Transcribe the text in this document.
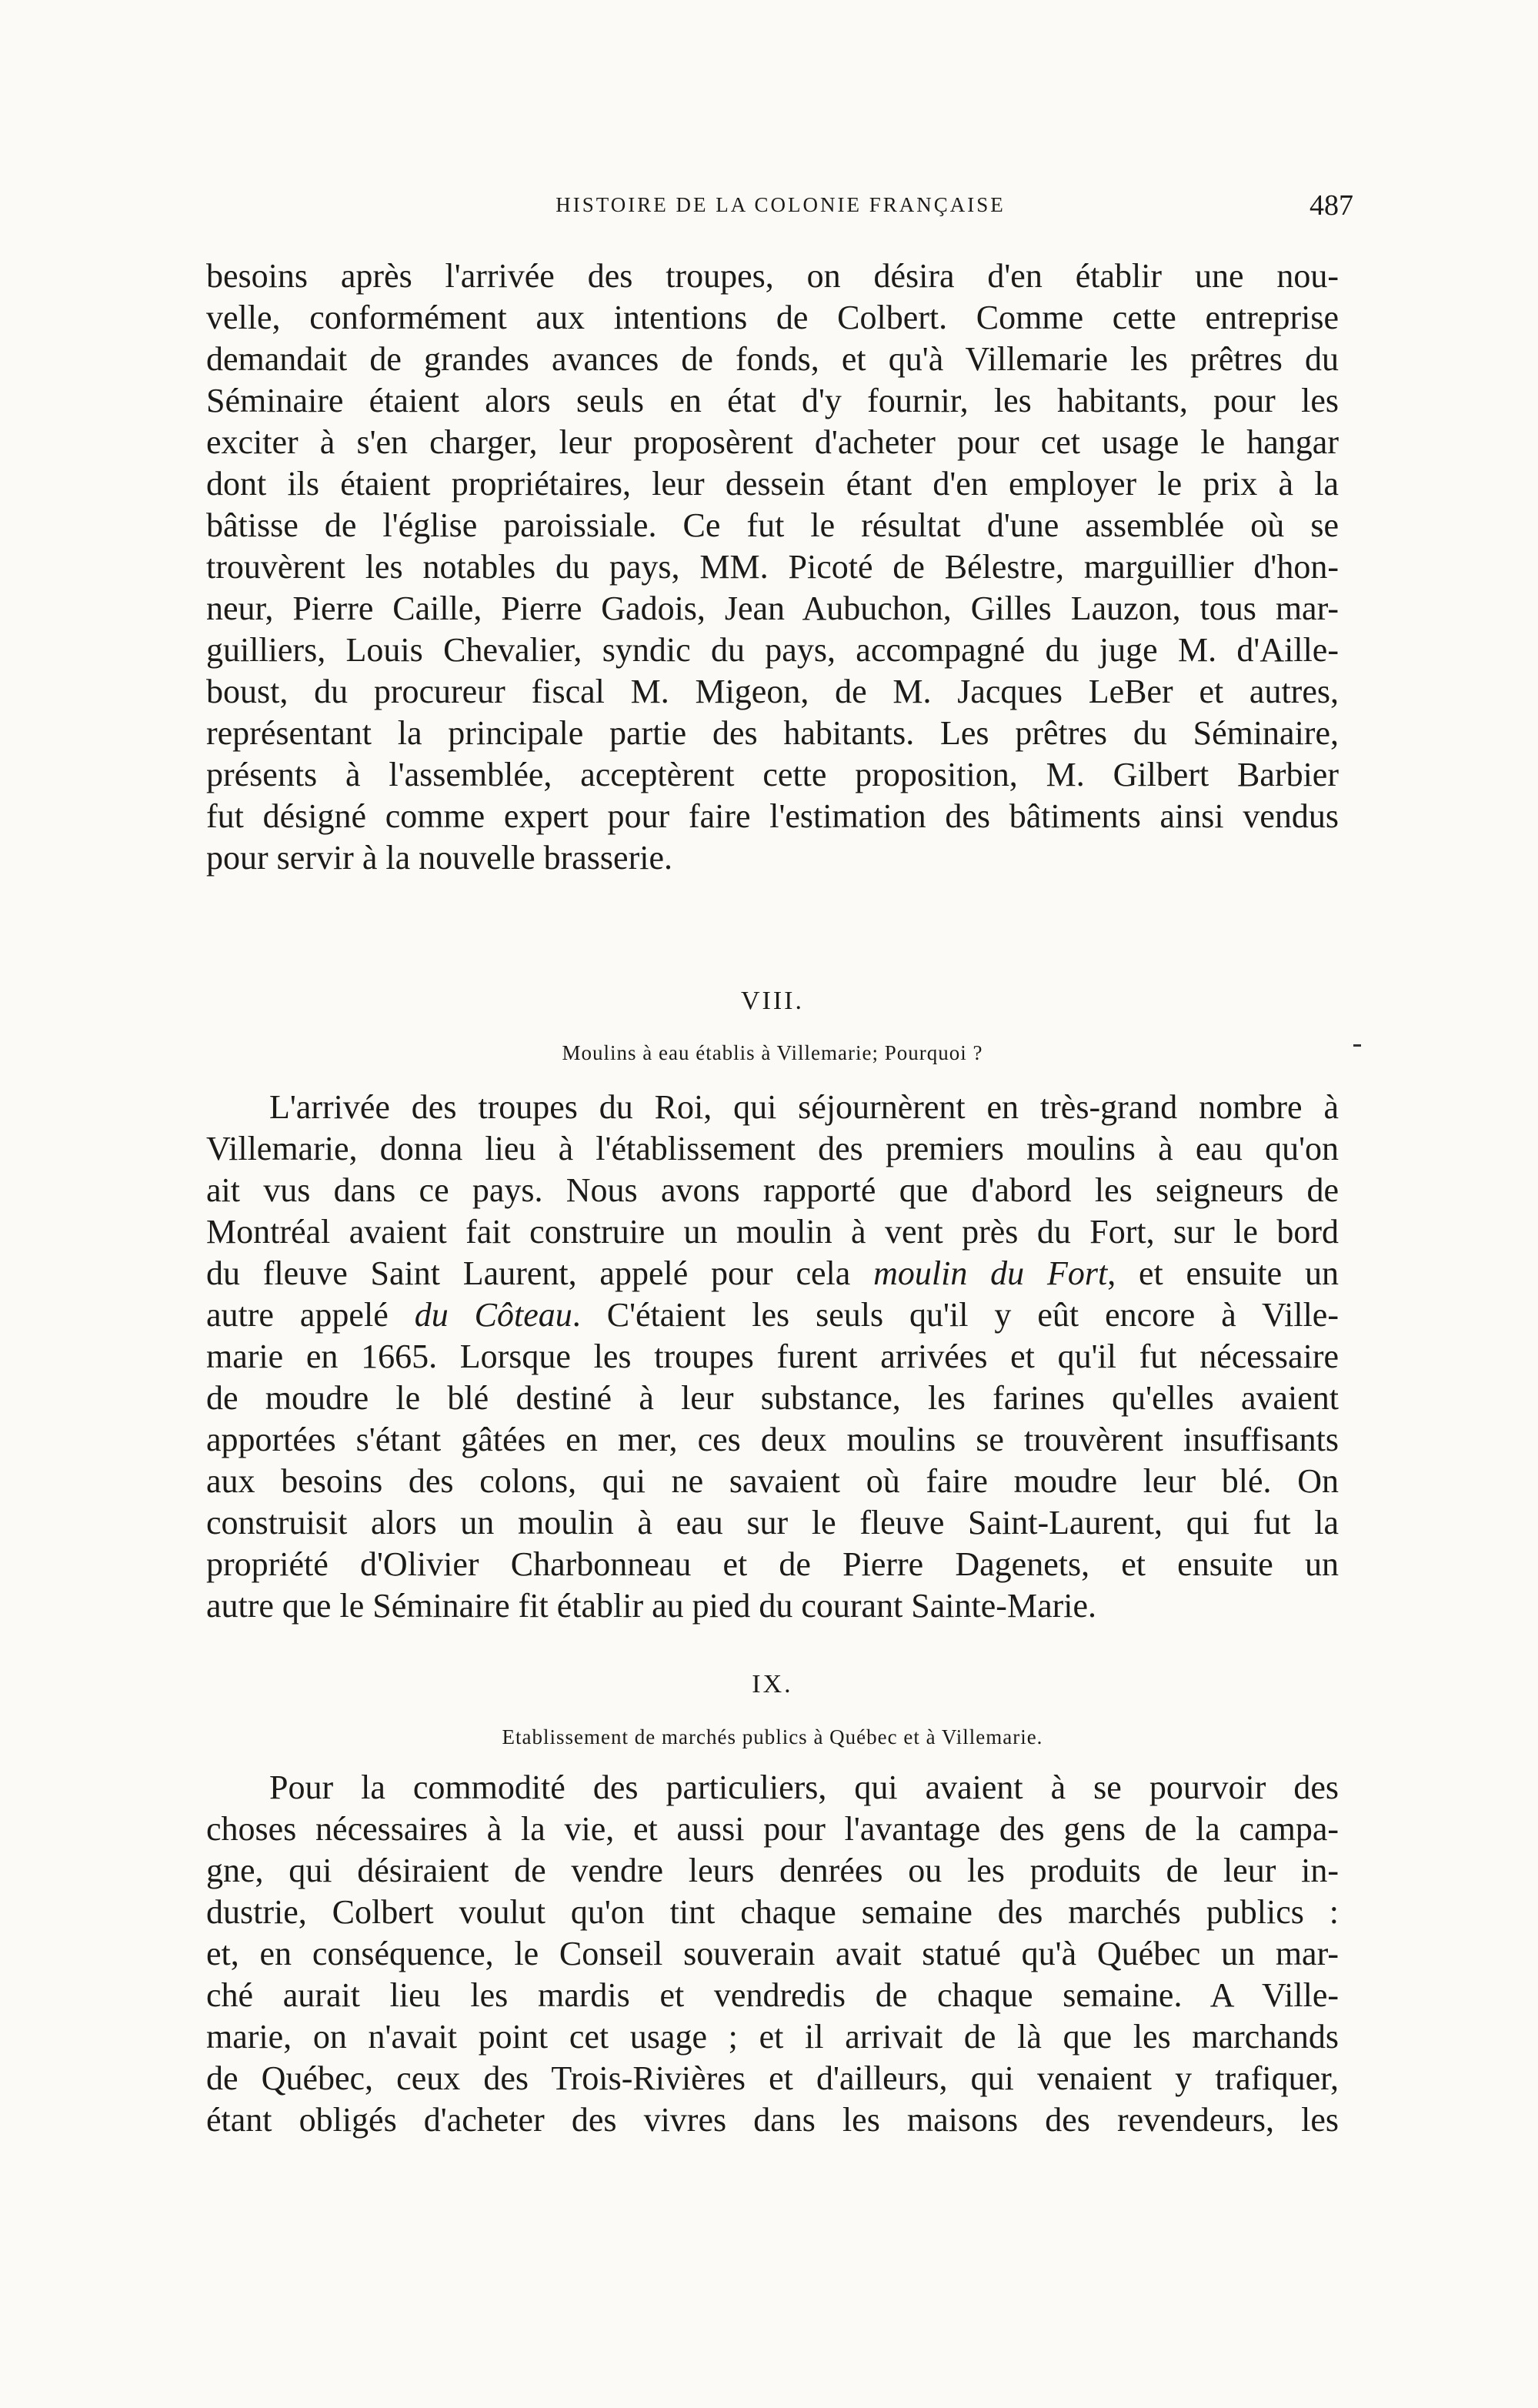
HISTOIRE DE LA COLONIE FRANÇAISE	487
besoins après l'arrivée des troupes, on désira d'en établir une nou-
velle, conformément aux intentions de Colbert. Comme cette entreprise
demandait de grandes avances de fonds, et qu'à Villemarie les prêtres du
Séminaire étaient alors seuls en état d'y fournir, les habitants, pour les
exciter à s'en charger, leur proposèrent d'acheter pour cet usage le hangar
dont ils étaient propriétaires, leur dessein étant d'en employer le prix à la
bâtisse de l'église paroissiale. Ce fut le résultat d'une assemblée où se
trouvèrent les notables du pays, MM. Picoté de Bélestre, marguillier d'hon-
neur, Pierre Caille, Pierre Gadois, Jean Aubuchon, Gilles Lauzon, tous mar-
guilliers, Louis Chevalier, syndic du pays, accompagné du juge M. d'Aille-
boust, du procureur fiscal M. Migeon, de M. Jacques LeBer et autres,
représentant la principale partie des habitants. Les prêtres du Séminaire,
présents à l'assemblée, acceptèrent cette proposition, M. Gilbert Barbier
fut désigné comme expert pour faire l'estimation des bâtiments ainsi vendus
pour servir à la nouvelle brasserie.
VIII.
Moulins à eau établis à Villemarie; Pourquoi ?
L'arrivée des troupes du Roi, qui séjournèrent en très-grand nombre à
Villemarie, donna lieu à l'établissement des premiers moulins à eau qu'on
ait vus dans ce pays. Nous avons rapporté que d'abord les seigneurs de
Montréal avaient fait construire un moulin à vent près du Fort, sur le bord
du fleuve Saint Laurent, appelé pour cela moulin du Fort, et ensuite un
autre appelé du Côteau. C'étaient les seuls qu'il y eût encore à Ville-
marie en 1665. Lorsque les troupes furent arrivées et qu'il fut nécessaire
de moudre le blé destiné à leur substance, les farines qu'elles avaient
apportées s'étant gâtées en mer, ces deux moulins se trouvèrent insuffisants
aux besoins des colons, qui ne savaient où faire moudre leur blé. On
construisit alors un moulin à eau sur le fleuve Saint-Laurent, qui fut la
propriété d'Olivier Charbonneau et de Pierre Dagenets, et ensuite un
autre que le Séminaire fit établir au pied du courant Sainte-Marie.
IX.
Etablissement de marchés publics à Québec et à Villemarie.
Pour la commodité des particuliers, qui avaient à se pourvoir des
choses nécessaires à la vie, et aussi pour l'avantage des gens de la campa-
gne, qui désiraient de vendre leurs denrées ou les produits de leur in-
dustrie, Colbert voulut qu'on tint chaque semaine des marchés publics :
et, en conséquence, le Conseil souverain avait statué qu'à Québec un mar-
ché aurait lieu les mardis et vendredis de chaque semaine. A Ville-
marie, on n'avait point cet usage ; et il arrivait de là que les marchands
de Québec, ceux des Trois-Rivières et d'ailleurs, qui venaient y trafiquer,
étant obligés d'acheter des vivres dans les maisons des revendeurs, les
